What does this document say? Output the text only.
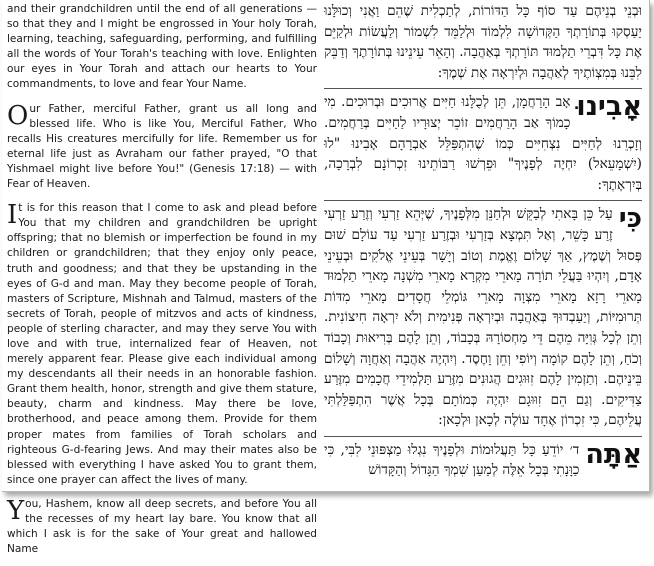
and their grandchildren until the end of all generations — so that they and I might be engrossed in Your holy Torah, learning, teaching, safeguarding, performing, and fulfilling all the words of Your Torah's teaching with love. Enlighten our eyes in Your Torah and attach our hearts to Your commandments, to love and fear Your Name.

Our Father, merciful Father, grant us all long and blessed life. Who is like You, Merciful Father, Who recalls His creatures mercifully for life. Remember us for eternal life just as Avraham our father prayed, "O that Yishmael might live before You!" (Genesis 17:18) — with Fear of Heaven.

It is for this reason that I come to ask and plead before You that my children and grandchildren be upright offspring; that no blemish or imperfection be found in my children or grandchildren; that they enjoy only peace, truth and goodness; and that they be upstanding in the eyes of G-d and man. May they become people of Torah, masters of Scripture, Mishnah and Talmud, masters of the secrets of Torah, people of mitzvos and acts of kindness, people of sterling character, and may they serve You with love and with true, internalized fear of Heaven, not merely apparent fear. Please give each individual among my descendants all their needs in an honorable fashion. Grant them health, honor, strength and give them stature, beauty, charm and kindness. May there be love, brotherhood, and peace among them. Provide for them proper mates from families of Torah scholars and righteous G-d-fearing Jews. And may their mates also be blessed with everything I have asked You to grant them, since one prayer can affect the lives of many.

You, Hashem, know all deep secrets, and before You all the recesses of my heart lay bare. You know that all which I ask is for the sake of Your great and hallowed Name

וּבְנֵי בְנֵיהֶם עַד סוֹף כָּל הַדּוֹרוֹת, לְתַכְלִית שֶׁהֵם וַאֲנִי וְכוּלָּנוּ יַעַסְקוּ בְּתוֹרָתְךָ הַקְּדוֹשָׁה לִלְמוֹד וּלְלַמֵּד לִשְׁמוֹר וְלַעֲשׂוֹת וּלְקַיֵּם אֶת כָּל דִּבְרֵי תַלְמוּד תּוֹרָתְךָ בְּאַהֲבָה. וְהָאֵר עֵינֵינוּ בְּתוֹרָתֶךָ וְדַבֵּק לִבֵּנוּ בְּמִצְוֹתֶיךָ לְאַהֲבָה וּלְיִרְאָה אֶת שְׁמֶךָ:

אָבִינוּ
אָב הָרַחֲמָן, תֵּן לְכֻלָּנוּ חַיִּים אֲרוּכִים וּבְרוּכִים. מִי כָמוֹךָ אַב הָרַחֲמִים זוֹכֵר יְצוּרָיו לַחַיִּים בְּרַחֲמִים. וְזָכְרֵנוּ לְחַיִּים נִצְחִיִּים כְּמוֹ שֶׁהִתְפַּלֵּל אַבְרָהָם אָבִינוּ "לוּ (יִשְׁמָעֵאל) יִחְיֶה לְפָנֶיךָ" וּפֵרְשׁוּ רַבּוֹתֵינוּ זִכְרוֹנָם לִבְרָכָה, בְּיִרְאָתֶךָ:

כִּי
עַל כֵּן בָּאתִי לְבַקֵּשׁ וּלְחַנֵּן מִלְּפָנֶיךָ, שֶׁיְּהֵא זַרְעִי וְזֶרַע זַרְעִי זֶרַע כָּשֵׁר, וְאַל תִּמְצָא בְּזַרְעִי וּבְזֶרַע זַרְעִי עַד עוֹלָם שׁוּם פְּסוּל וְשֶׁמֶץ, אַךְ שָׁלוֹם וֶאֱמֶת וְטוֹב וְיָשָׁר בְּעֵינֵי אֱלֹקִים וּבְעֵינֵי אָדָם, וְיִהְיוּ בַּעֲלֵי תוֹרָה מָארֵי מִקְרָא מָארֵי מִשְׁנָה מָארֵי תַלְמוּד מָארֵי רָזָא מָארֵי מִצְוָה מָארֵי גּוֹמְלֵי חֲסָדִים מָארֵי מִדּוֹת תְּרוּמִיּוֹת, וְיַעַבְדוּךָ בְּאַהֲבָה וּבְיִרְאָה פְּנִימִית וְלֹא יִרְאָה חִיצוֹנִית. וְתֵן לְכָל גְּוִיָּה מֵהֶם דֵּי מַחְסוֹרָהּ בְּכָבוֹד, וְתֵן לָהֶם בְּרִיאוּת וְכָבוֹד וְכֹחַ, וְתֵן לָהֶם קוֹמָה וְיוֹפִי וְחֵן וָחֶסֶד. וְיִהְיֶה אַהֲבָה וְאַחֲוָה וְשָׁלוֹם בֵּינֵיהֶם. וְתַזְמִין לָהֶם זִוּוּגִים הֲגוּנִים מִזֶּרַע תַּלְמִידֵי חֲכָמִים מִזֶּרַע צַדִּיקִים. וְגַם הֵם זִוּוּגָם יִהְיֶה כְּמוֹתָם בְּכָל אֲשֶׁר הִתְפַּלַּלְתִּי עֲלֵיהֶם, כִּי זִכְרוֹן אֶחָד עוֹלֶה לְכָאן וּלְכָאן:

אַתָּה
ד׳ יוֹדֵעַ כָּל תַּעֲלוּמוֹת וּלְפָנֶיךָ נִגְלוּ מַצְפּוּנֵי לִבִּי, כִּי כַוָּנָתִי בְּכָל אֵלֶּה לְמַעַן שִׁמְךָ הַגָּדוֹל וְהַקָּדוֹשׁ
